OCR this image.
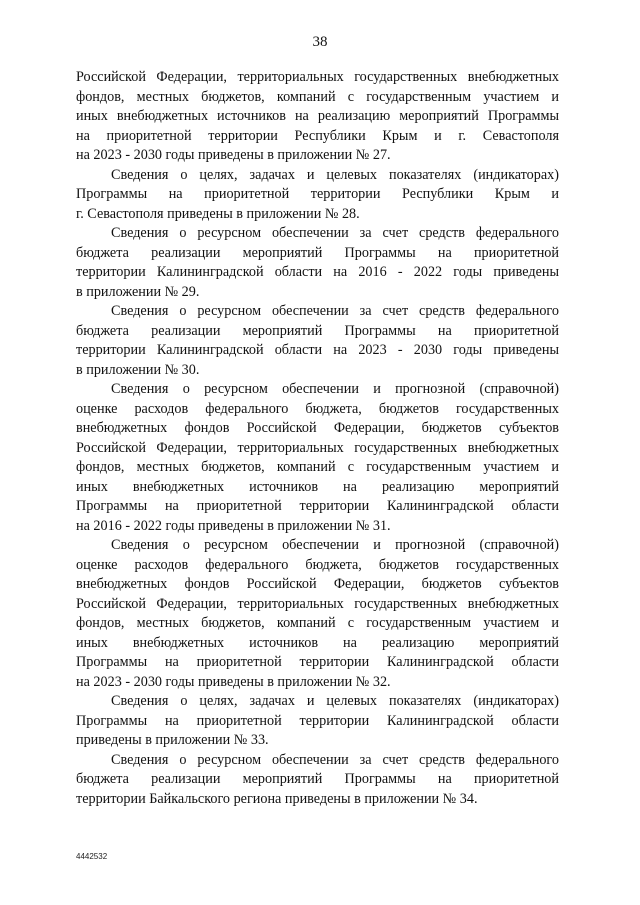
38

Российской Федерации, территориальных государственных внебюджетных
фондов, местных бюджетов, компаний с государственным участием и
иных внебюджетных источников на реализацию мероприятий Программы
на приоритетной территории Республики Крым и г. Севастополя
на 2023 - 2030 годы приведены в приложении № 27.

Сведения о целях, задачах и целевых показателях (индикаторах)
Программы на приоритетной территории Республики Крым и
г. Севастополя приведены в приложении № 28.

Сведения о ресурсном обеспечении за счет средств федерального
бюджета реализации мероприятий Программы на приоритетной
территории Калининградской области на 2016 - 2022 годы приведены
в приложении № 29.

Сведения о ресурсном обеспечении за счет средств федерального
бюджета реализации мероприятий Программы на приоритетной
территории Калининградской области на 2023 - 2030 годы приведены
в приложении № 30.

Сведения о ресурсном обеспечении и прогнозной (справочной)
оценке расходов федерального бюджета, бюджетов государственных
внебюджетных фондов Российской Федерации, бюджетов субъектов
Российской Федерации, территориальных государственных внебюджетных
фондов, местных бюджетов, компаний с государственным участием и
иных внебюджетных источников на реализацию мероприятий
Программы на приоритетной территории Калининградской области
на 2016 - 2022 годы приведены в приложении № 31.

Сведения о ресурсном обеспечении и прогнозной (справочной)
оценке расходов федерального бюджета, бюджетов государственных
внебюджетных фондов Российской Федерации, бюджетов субъектов
Российской Федерации, территориальных государственных внебюджетных
фондов, местных бюджетов, компаний с государственным участием и
иных внебюджетных источников на реализацию мероприятий
Программы на приоритетной территории Калининградской области
на 2023 - 2030 годы приведены в приложении № 32.

Сведения о целях, задачах и целевых показателях (индикаторах)
Программы на приоритетной территории Калининградской области
приведены в приложении № 33.

Сведения о ресурсном обеспечении за счет средств федерального
бюджета реализации мероприятий Программы на приоритетной
территории Байкальского региона приведены в приложении № 34.

4442532
